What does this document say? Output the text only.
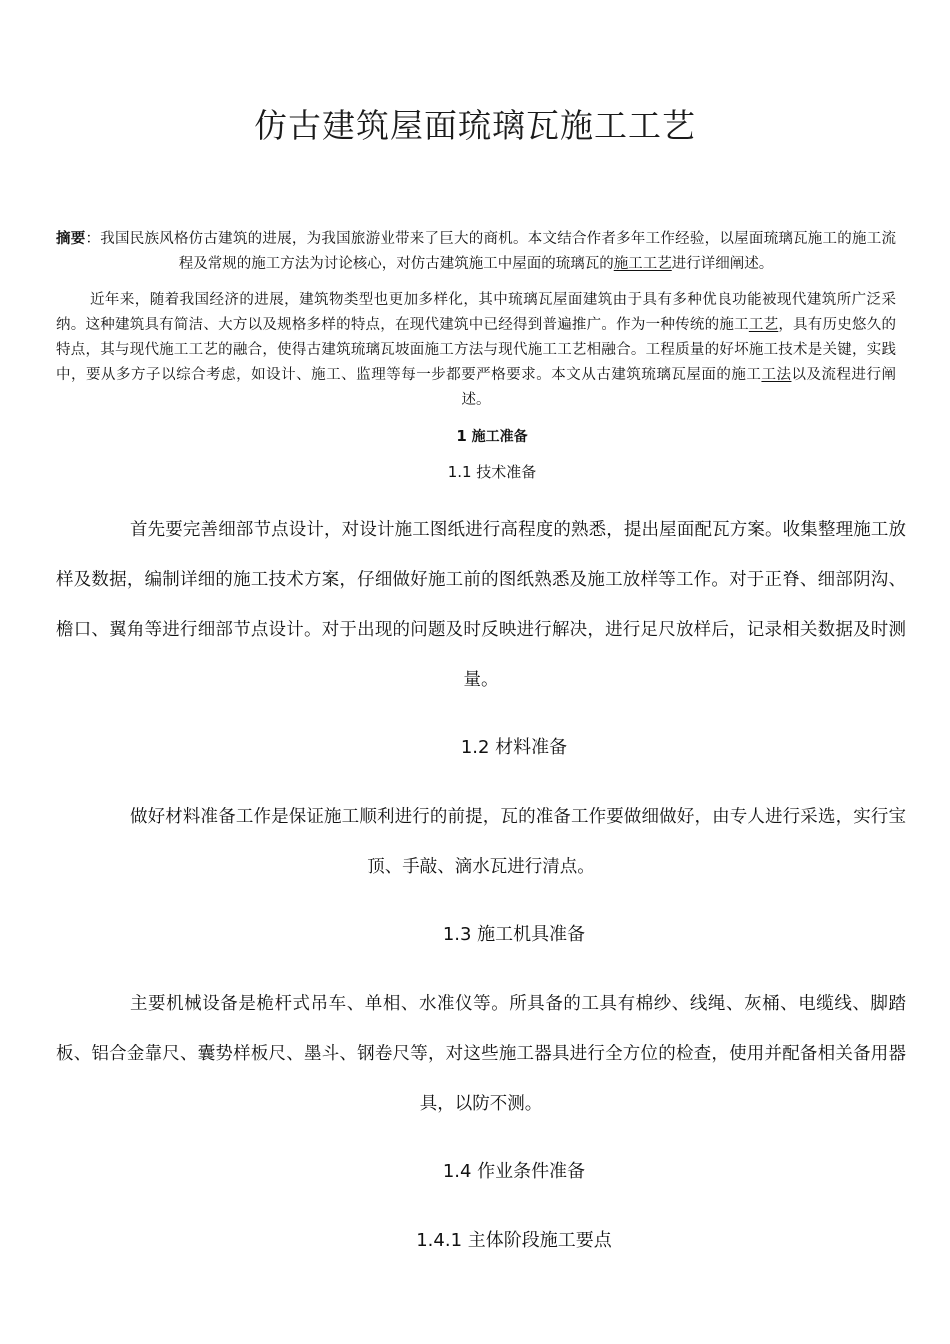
仿古建筑屋面琉璃瓦施工工艺

摘要：我国民族风格仿古建筑的进展，为我国旅游业带来了巨大的商机。本文结合作者多年工作经验，以屋面琉璃瓦施工的施工流程及常规的施工方法为讨论核心，对仿古建筑施工中屋面的琉璃瓦的施工工艺进行详细阐述。

近年来，随着我国经济的进展，建筑物类型也更加多样化，其中琉璃瓦屋面建筑由于具有多种优良功能被现代建筑所广泛采纳。这种建筑具有简洁、大方以及规格多样的特点，在现代建筑中已经得到普遍推广。作为一种传统的施工工艺，具有历史悠久的特点，其与现代施工工艺的融合，使得古建筑琉璃瓦坡面施工方法与现代施工工艺相融合。工程质量的好坏施工技术是关键，实践中，要从多方子以综合考虑，如设计、施工、监理等每一步都要严格要求。本文从古建筑琉璃瓦屋面的施工工法以及流程进行阐述。

1 施工准备
1.1 技术准备

首先要完善细部节点设计，对设计施工图纸进行高程度的熟悉，提出屋面配瓦方案。收集整理施工放样及数据，编制详细的施工技术方案，仔细做好施工前的图纸熟悉及施工放样等工作。对于正脊、细部阴沟、檐口、翼角等进行细部节点设计。对于出现的问题及时反映进行解决，进行足尺放样后，记录相关数据及时测量。

1.2 材料准备

做好材料准备工作是保证施工顺利进行的前提，瓦的准备工作要做细做好，由专人进行采选，实行宝顶、手敲、滴水瓦进行清点。

1.3 施工机具准备

主要机械设备是桅杆式吊车、单相、水准仪等。所具备的工具有棉纱、线绳、灰桶、电缆线、脚踏板、铝合金靠尺、囊势样板尺、墨斗、钢卷尺等，对这些施工器具进行全方位的检查，使用并配备相关备用器具，以防不测。

1.4 作业条件准备
1.4.1 主体阶段施工要点
